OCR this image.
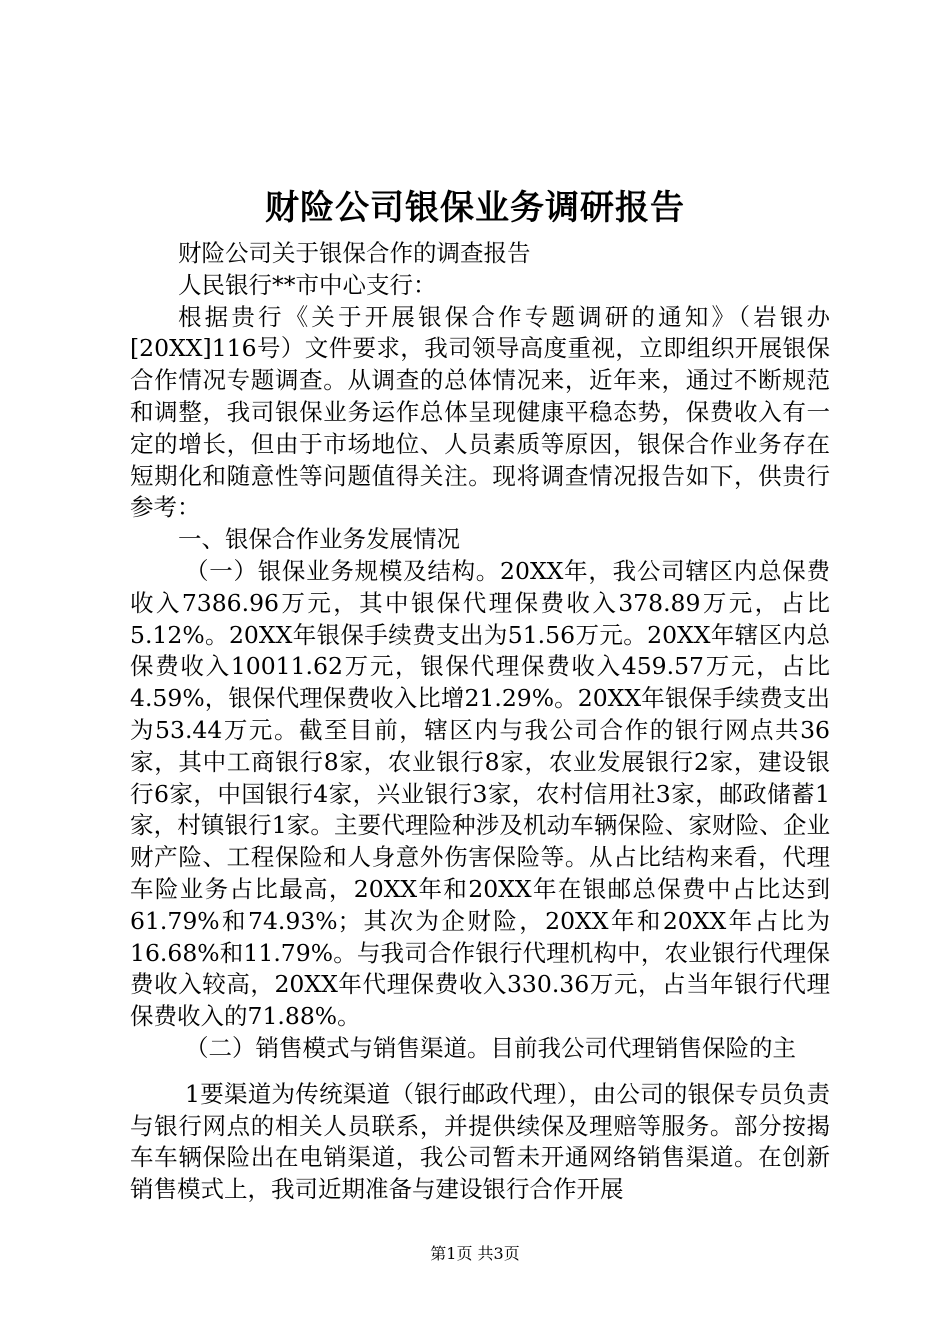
财险公司银保业务调研报告

财险公司关于银保合作的调查报告

人民银行**市中心支行：

根据贵行《关于开展银保合作专题调研的通知》（岩银办[20XX]116号）文件要求，我司领导高度重视，立即组织开展银保合作情况专题调查。从调查的总体情况来，近年来，通过不断规范和调整，我司银保业务运作总体呈现健康平稳态势，保费收入有一定的增长，但由于市场地位、人员素质等原因，银保合作业务存在短期化和随意性等问题值得关注。现将调查情况报告如下，供贵行参考：

一、银保合作业务发展情况

（一）银保业务规模及结构。20XX年，我公司辖区内总保费收入7386.96万元，其中银保代理保费收入378.89万元，占比5.12%。20XX年银保手续费支出为51.56万元。20XX年辖区内总保费收入10011.62万元，银保代理保费收入459.57万元，占比4.59%，银保代理保费收入比增21.29%。20XX年银保手续费支出为53.44万元。截至目前，辖区内与我公司合作的银行网点共36家，其中工商银行8家，农业银行8家，农业发展银行2家，建设银行6家，中国银行4家，兴业银行3家，农村信用社3家，邮政储蓄1家，村镇银行1家。主要代理险种涉及机动车辆保险、家财险、企业财产险、工程保险和人身意外伤害保险等。从占比结构来看，代理车险业务占比最高，20XX年和20XX年在银邮总保费中占比达到61.79%和74.93%；其次为企财险，20XX年和20XX年占比为16.68%和11.79%。与我司合作银行代理机构中，农业银行代理保费收入较高，20XX年代理保费收入330.36万元，占当年银行代理保费收入的71.88%。

（二）销售模式与销售渠道。目前我公司代理销售保险的主

1要渠道为传统渠道（银行邮政代理），由公司的银保专员负责与银行网点的相关人员联系，并提供续保及理赔等服务。部分按揭车车辆保险出在电销渠道，我公司暂未开通网络销售渠道。在创新销售模式上，我司近期准备与建设银行合作开展

第1页 共3页
